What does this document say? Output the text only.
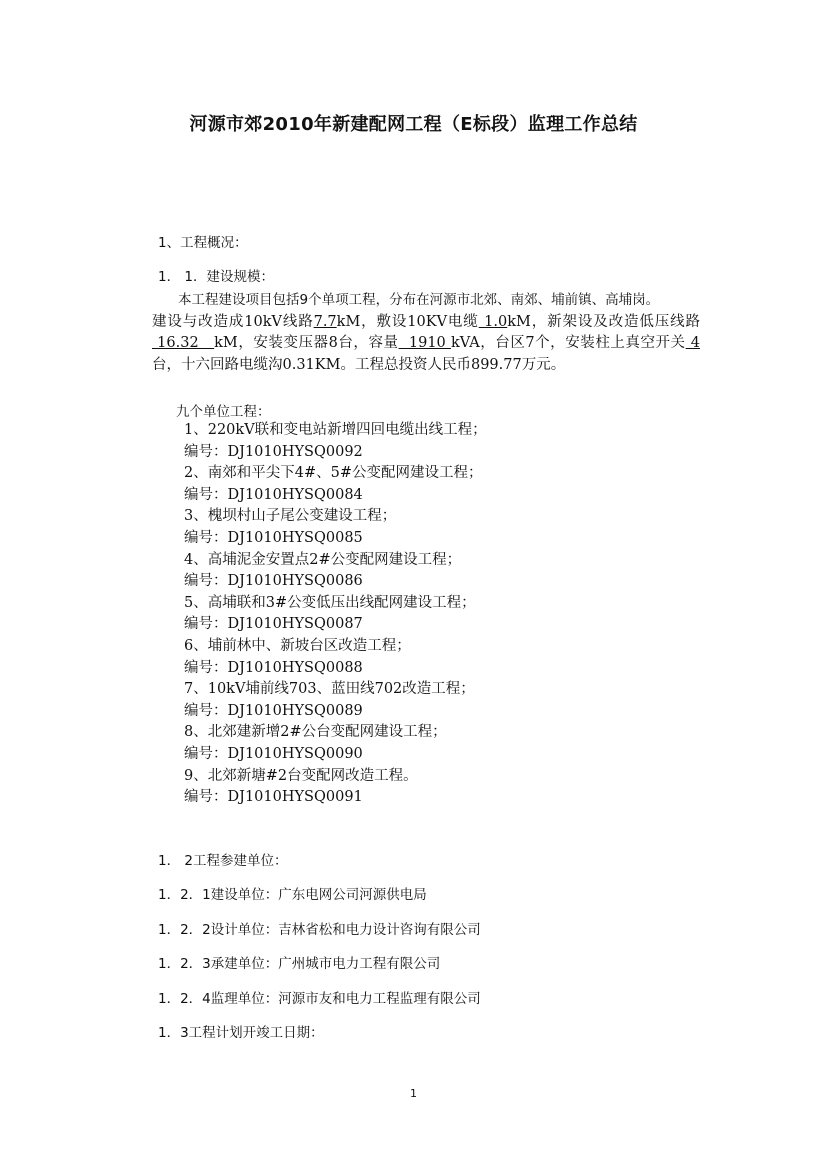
河源市郊2010年新建配网工程（E标段）监理工作总结
1、工程概况：
1． 1．建设规模：
本工程建设项目包括9个单项工程，分布在河源市北郊、南郊、埔前镇、高埔岗。
建设与改造成10kV线路7.7kM，敷设10KV电缆 1.0kM，新架设及改造低压线路 16.32   kM，安装变压器8台，容量  1910 kVA，台区7个，安装柱上真空开关 4台，十六回路电缆沟0.31KM。工程总投资人民币899.77万元。
九个单位工程：
1、220kV联和变电站新增四回电缆出线工程；
编号：DJ1010HYSQ0092
2、南郊和平尖下4#、5#公变配网建设工程；
编号：DJ1010HYSQ0084
3、槐坝村山子尾公变建设工程；
编号：DJ1010HYSQ0085
4、高埔泥金安置点2#公变配网建设工程；
编号：DJ1010HYSQ0086
5、高埔联和3#公变低压出线配网建设工程；
编号：DJ1010HYSQ0087
6、埔前林中、新坡台区改造工程；
编号：DJ1010HYSQ0088
7、10kV埔前线703、蓝田线702改造工程；
编号：DJ1010HYSQ0089
8、北郊建新增2#公台变配网建设工程；
编号：DJ1010HYSQ0090
9、北郊新塘#2台变配网改造工程。
编号：DJ1010HYSQ0091
1． 2工程参建单位：
1．2．1建设单位：广东电网公司河源供电局
1．2．2设计单位：吉林省松和电力设计咨询有限公司
1．2．3承建单位：广州城市电力工程有限公司
1．2．4监理单位：河源市友和电力工程监理有限公司
1．3工程计划开竣工日期：
1
